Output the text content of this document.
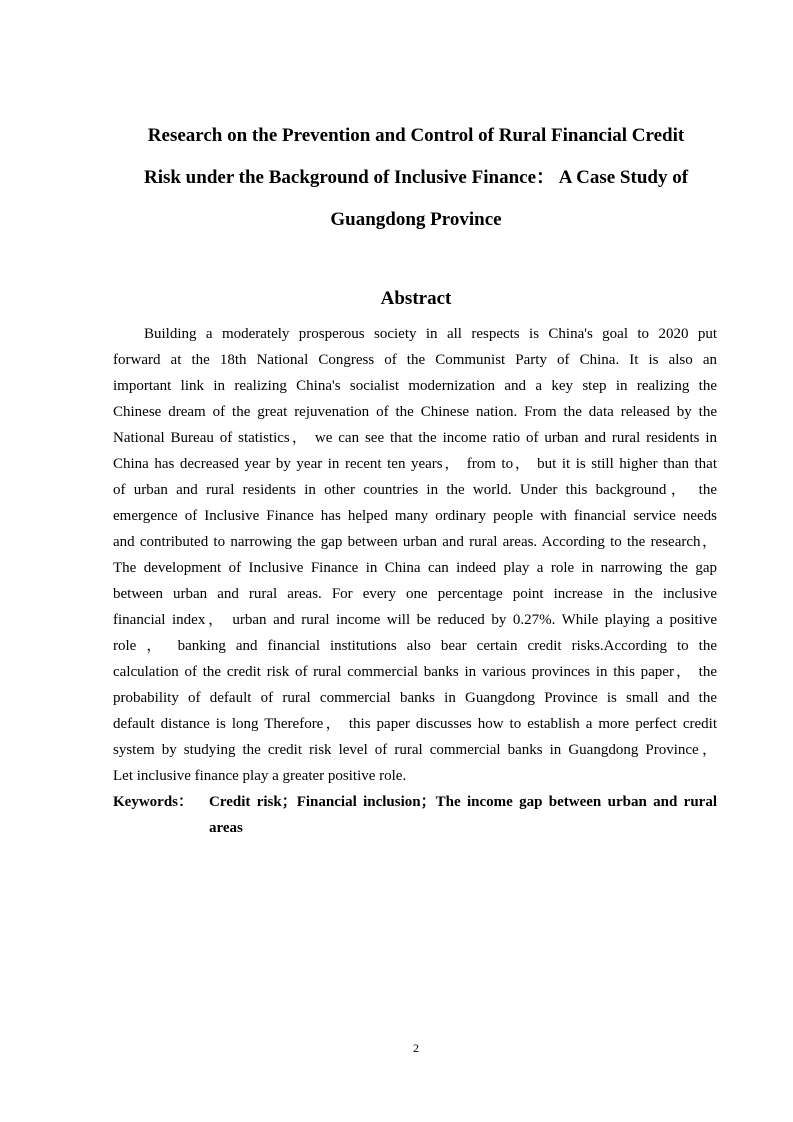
Research on the Prevention and Control of Rural Financial Credit
Risk under the Background of Inclusive Finance： A Case Study of
Guangdong Province
Abstract
Building a moderately prosperous society in all respects is China's goal to 2020 put
forward at the 18th National Congress of the Communist Party of China. It is also an
important link in realizing China's socialist modernization and a key step in realizing the
Chinese dream of the great rejuvenation of the Chinese nation. From the data released by the
National Bureau of statistics， we can see that the income ratio of urban and rural residents in
China has decreased year by year in recent ten years， from to， but it is still higher than that
of urban and rural residents in other countries in the world. Under this background， the
emergence of Inclusive Finance has helped many ordinary people with financial service needs
and contributed to narrowing the gap between urban and rural areas. According to the research，
The development of Inclusive Finance in China can indeed play a role in narrowing the gap
between urban and rural areas. For every one percentage point increase in the inclusive
financial index， urban and rural income will be reduced by 0.27%. While playing a positive
role ， banking and financial institutions also bear certain credit risks.According to the
calculation of the credit risk of rural commercial banks in various provinces in this paper， the
probability of default of rural commercial banks in Guangdong Province is small and the
default distance is long Therefore， this paper discusses how to establish a more perfect credit
system by studying the credit risk level of rural commercial banks in Guangdong Province，
Let inclusive finance play a greater positive role.
Keywords： Credit risk；Financial inclusion；The income gap between urban and rural
areas
2
